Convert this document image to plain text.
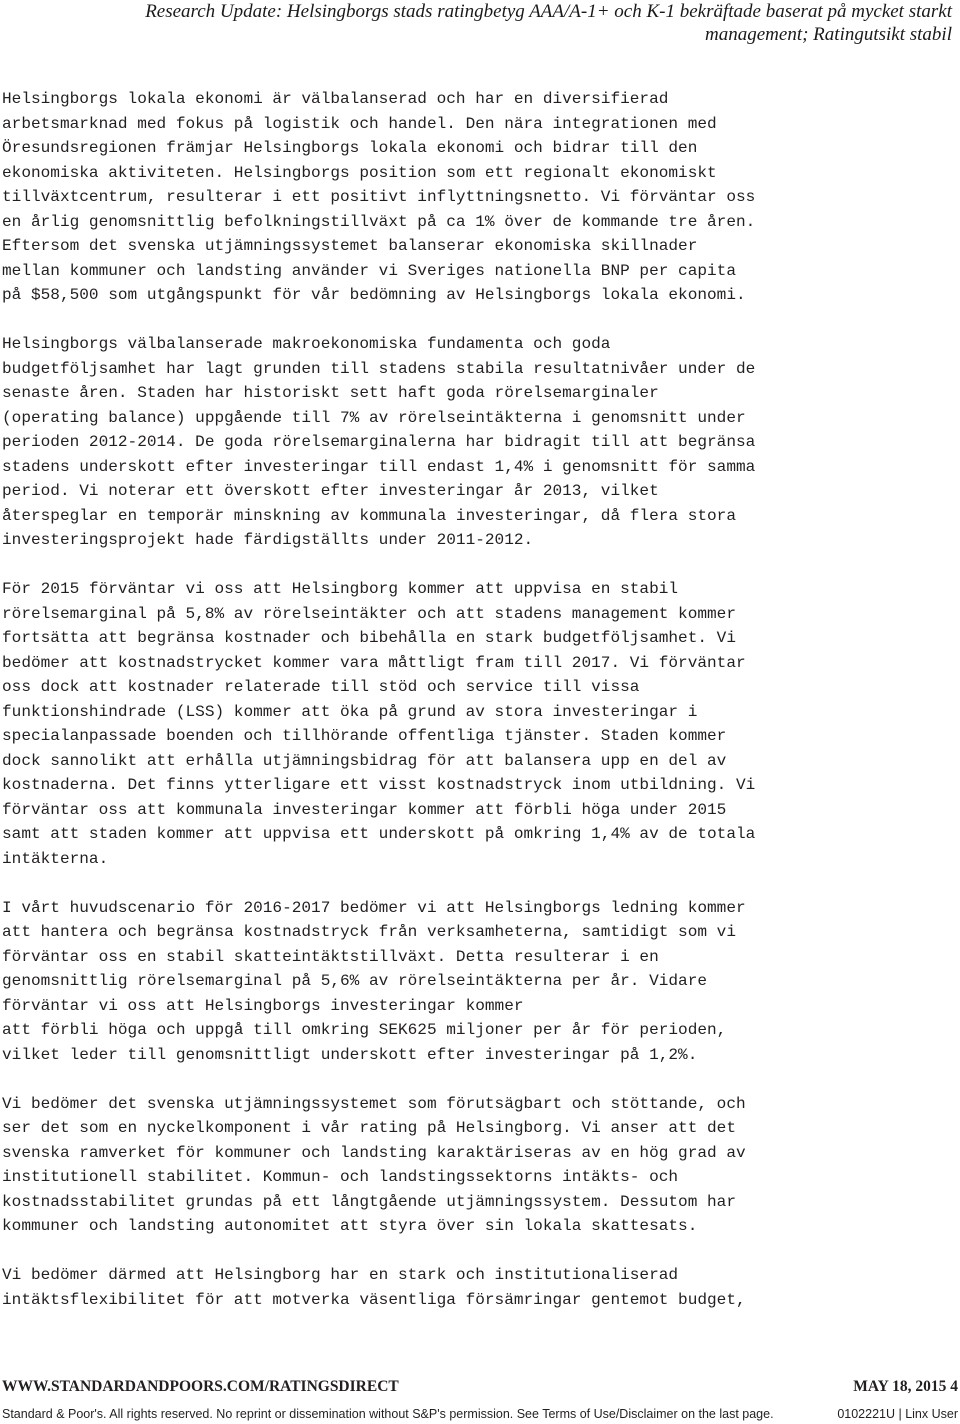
Research Update: Helsingborgs stads ratingbetyg AAA/A-1+ och K-1 bekräftade baserat på mycket starkt
management; Ratingutsikt stabil
Helsingborgs lokala ekonomi är välbalanserad och har en diversifierad
arbetsmarknad med fokus på logistik och handel. Den nära integrationen med
Öresundsregionen främjar Helsingborgs lokala ekonomi och bidrar till den
ekonomiska aktiviteten. Helsingborgs position som ett regionalt ekonomiskt
tillväxtcentrum, resulterar i ett positivt inflyttningsnetto. Vi förväntar oss
en årlig genomsnittlig befolkningstillväxt på ca 1% över de kommande tre åren.
Eftersom det svenska utjämningssystemet balanserar ekonomiska skillnader
mellan kommuner och landsting använder vi Sveriges nationella BNP per capita
på $58,500 som utgångspunkt för vår bedömning av Helsingborgs lokala ekonomi.
Helsingborgs välbalanserade makroekonomiska fundamenta och goda
budgetföljsamhet har lagt grunden till stadens stabila resultatnivåer under de
senaste åren. Staden har historiskt sett haft goda rörelsemarginaler
(operating balance) uppgående till 7% av rörelseintäkterna i genomsnitt under
perioden 2012-2014. De goda rörelsemarginalerna har bidragit till att begränsa
stadens underskott efter investeringar till endast 1,4% i genomsnitt för samma
period. Vi noterar ett överskott efter investeringar år 2013, vilket
återspeglar en temporär minskning av kommunala investeringar, då flera stora
investeringsprojekt hade färdigställts under 2011-2012.
För 2015 förväntar vi oss att Helsingborg kommer att uppvisa en stabil
rörelsemarginal på 5,8% av rörelseintäkter och att stadens management kommer
fortsätta att begränsa kostnader och bibehålla en stark budgetföljsamhet. Vi
bedömer att kostnadstrycket kommer vara måttligt fram till 2017. Vi förväntar
oss dock att kostnader relaterade till stöd och service till vissa
funktionshindrade (LSS) kommer att öka på grund av stora investeringar i
specialanpassade boenden och tillhörande offentliga tjänster. Staden kommer
dock sannolikt att erhålla utjämningsbidrag för att balansera upp en del av
kostnaderna. Det finns ytterligare ett visst kostnadstryck inom utbildning. Vi
förväntar oss att kommunala investeringar kommer att förbli höga under 2015
samt att staden kommer att uppvisa ett underskott på omkring 1,4% av de totala
intäkterna.
I vårt huvudscenario för 2016-2017 bedömer vi att Helsingborgs ledning kommer
att hantera och begränsa kostnadstryck från verksamheterna, samtidigt som vi
förväntar oss en stabil skatteintäktstillväxt. Detta resulterar i en
genomsnittlig rörelsemarginal på 5,6% av rörelseintäkterna per år. Vidare
förväntar vi oss att Helsingborgs investeringar kommer
att förbli höga och uppgå till omkring SEK625 miljoner per år för perioden,
vilket leder till genomsnittligt underskott efter investeringar på 1,2%.
Vi bedömer det svenska utjämningssystemet som förutsägbart och stöttande, och
ser det som en nyckelkomponent i vår rating på Helsingborg. Vi anser att det
svenska ramverket för kommuner och landsting karaktäriseras av en hög grad av
institutionell stabilitet. Kommun- och landstingssektorns intäkts- och
kostnadsstabilitet grundas på ett långtgående utjämningssystem. Dessutom har
kommuner och landsting autonomitet att styra över sin lokala skattesats.
Vi bedömer därmed att Helsingborg har en stark och institutionaliserad
intäktsflexibilitet för att motverka väsentliga försämringar gentemot budget,
WWW.STANDARDANDPOORS.COM/RATINGSDIRECT	MAY 18, 2015 4
Standard & Poor's. All rights reserved. No reprint or dissemination without S&P's permission. See Terms of Use/Disclaimer on the last page.	0102221U | Linx User
